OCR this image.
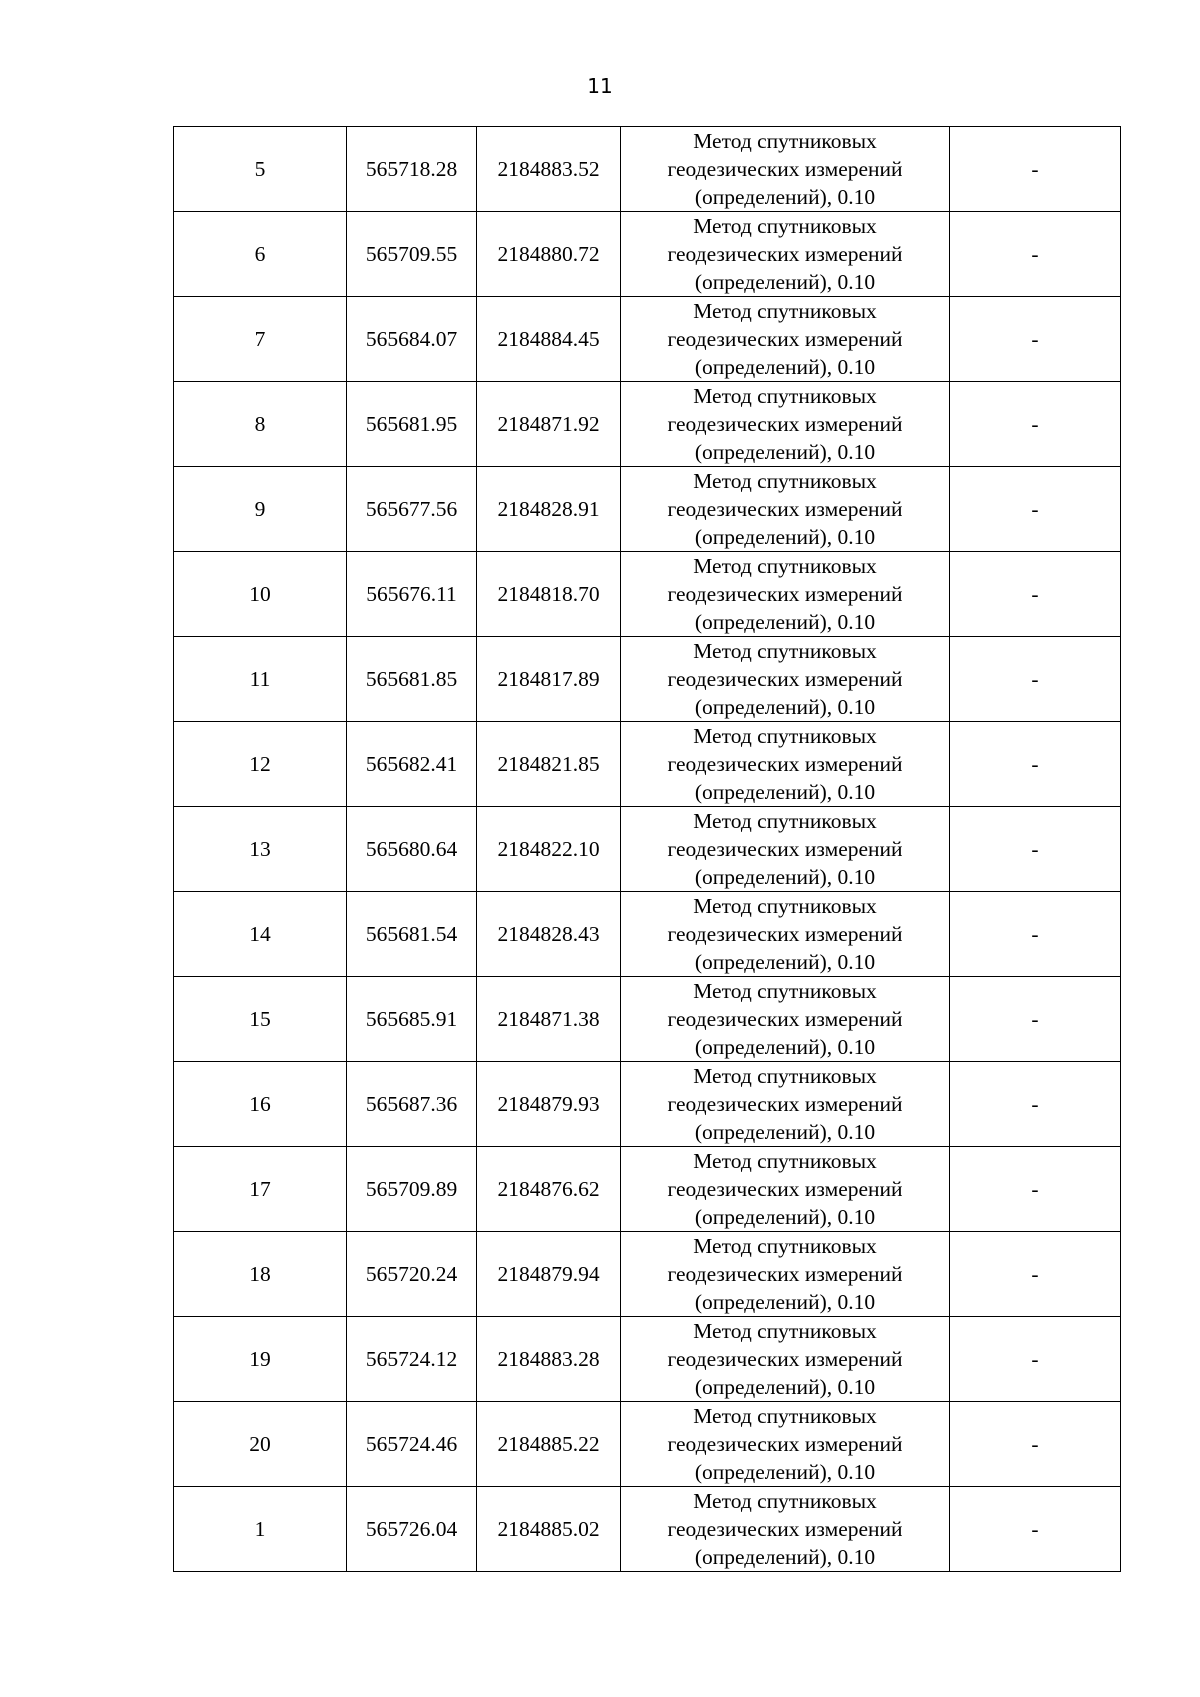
11
5	565718.28	2184883.52	Метод спутниковых
геодезических измерений
(определений), 0.10	-
6	565709.55	2184880.72	Метод спутниковых
геодезических измерений
(определений), 0.10	-
7	565684.07	2184884.45	Метод спутниковых
геодезических измерений
(определений), 0.10	-
8	565681.95	2184871.92	Метод спутниковых
геодезических измерений
(определений), 0.10	-
9	565677.56	2184828.91	Метод спутниковых
геодезических измерений
(определений), 0.10	-
10	565676.11	2184818.70	Метод спутниковых
геодезических измерений
(определений), 0.10	-
11	565681.85	2184817.89	Метод спутниковых
геодезических измерений
(определений), 0.10	-
12	565682.41	2184821.85	Метод спутниковых
геодезических измерений
(определений), 0.10	-
13	565680.64	2184822.10	Метод спутниковых
геодезических измерений
(определений), 0.10	-
14	565681.54	2184828.43	Метод спутниковых
геодезических измерений
(определений), 0.10	-
15	565685.91	2184871.38	Метод спутниковых
геодезических измерений
(определений), 0.10	-
16	565687.36	2184879.93	Метод спутниковых
геодезических измерений
(определений), 0.10	-
17	565709.89	2184876.62	Метод спутниковых
геодезических измерений
(определений), 0.10	-
18	565720.24	2184879.94	Метод спутниковых
геодезических измерений
(определений), 0.10	-
19	565724.12	2184883.28	Метод спутниковых
геодезических измерений
(определений), 0.10	-
20	565724.46	2184885.22	Метод спутниковых
геодезических измерений
(определений), 0.10	-
1	565726.04	2184885.02	Метод спутниковых
геодезических измерений
(определений), 0.10	-
